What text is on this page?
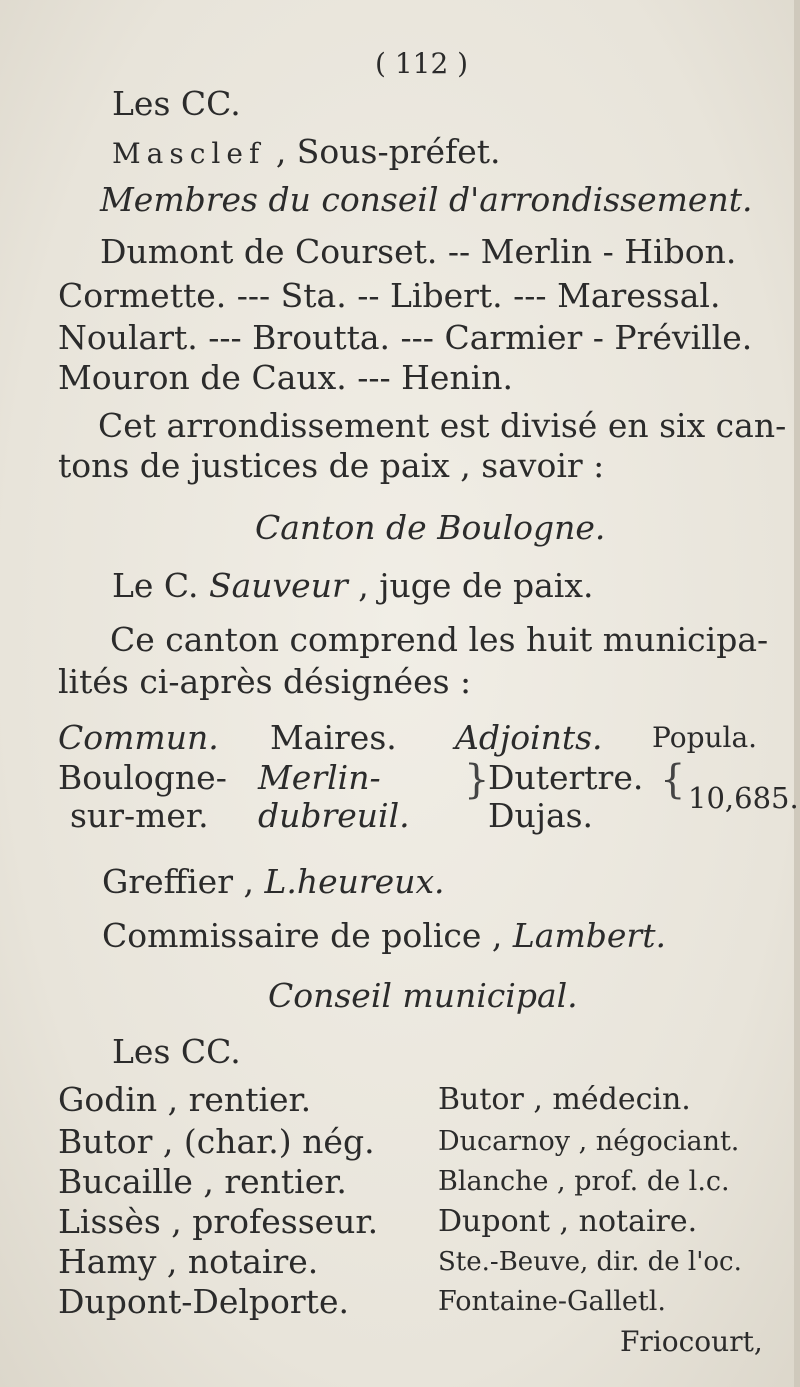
( 112 )
Les CC.
Masclef , Sous-préfet.
Membres du conseil d'arrondissement.
Dumont de Courset. -- Merlin - Hibon.
Cormette. --- Sta. -- Libert. --- Maressal.
Noulart. --- Broutta. --- Carmier - Préville.
Mouron de Caux. --- Henin.
Cet arrondissement est divisé en six can-
tons de justices de paix , savoir :
Canton de Boulogne.
Le C. Sauveur , juge de paix.
Ce canton comprend les huit municipa-
lités ci-après désignées :
Commun. Maires. Adjoints. Popula.
Boulogne-
sur-mer.
Merlin-
dubreuil.
}
Dutertre.
Dujas.
{ 10,685.
Greffier , L.heureux.
Commissaire de police , Lambert.
Conseil municipal.
Les CC.
Godin , rentier.
Butor , (char.) nég.
Bucaille , rentier.
Lissès , professeur.
Hamy , notaire.
Dupont-Delporte.
Butor , médecin.
Ducarnoy , négociant.
Blanche , prof. de l.c.
Dupont , notaire.
Ste.-Beuve, dir. de l'oc.
Fontaine-Galletl.
Friocourt,
